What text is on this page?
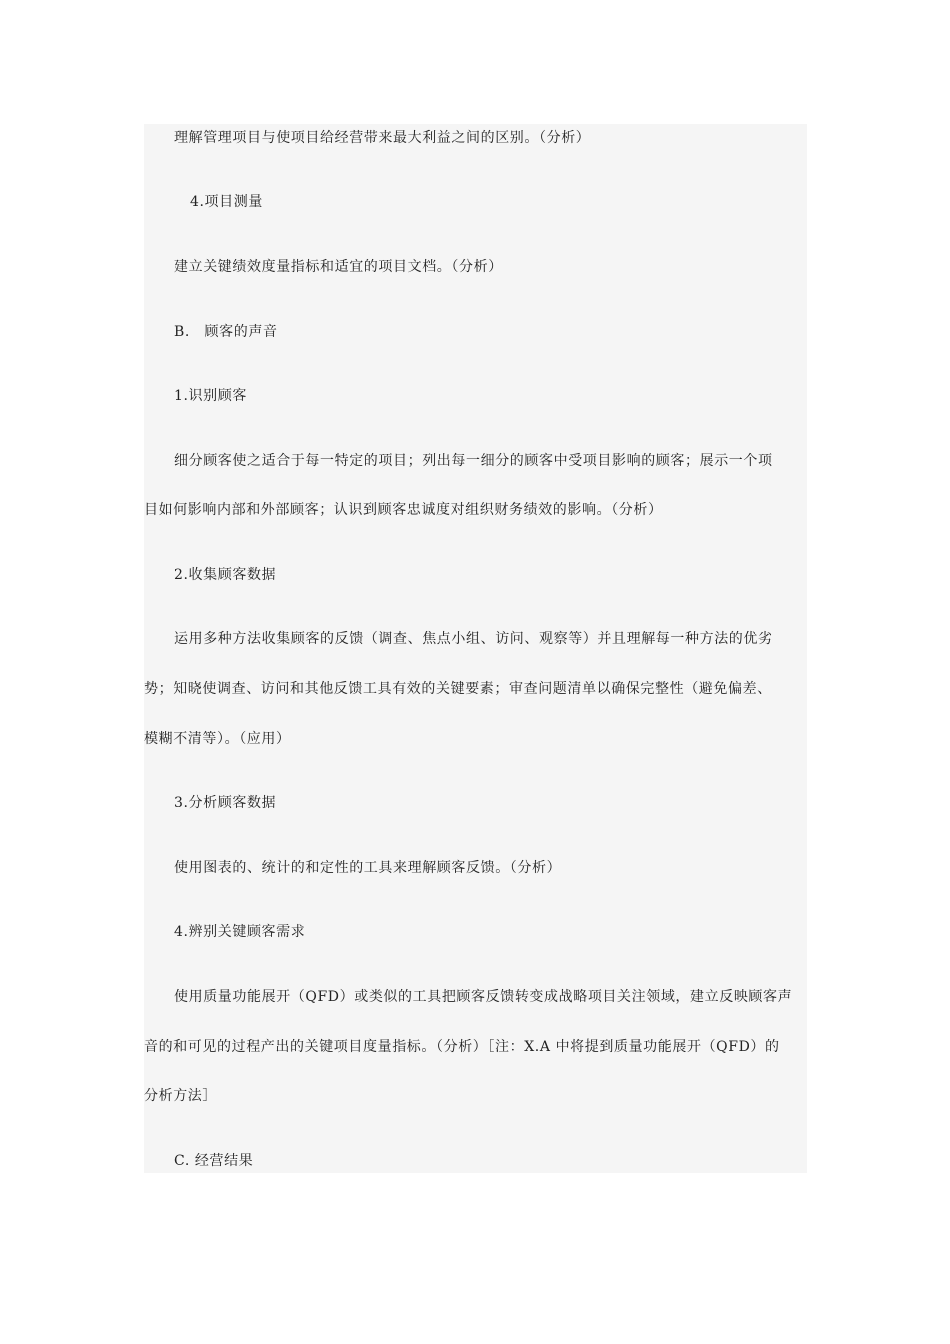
理解管理项目与使项目给经营带来最大利益之间的区别。（分析）
4.项目测量
建立关键绩效度量指标和适宜的项目文档。（分析）
B.　顾客的声音
1.识别顾客
细分顾客使之适合于每一特定的项目；列出每一细分的顾客中受项目影响的顾客；展示一个项
目如何影响内部和外部顾客；认识到顾客忠诚度对组织财务绩效的影响。（分析）
2.收集顾客数据
运用多种方法收集顾客的反馈（调查、焦点小组、访问、观察等）并且理解每一种方法的优劣
势；知晓使调查、访问和其他反馈工具有效的关键要素；审查问题清单以确保完整性（避免偏差、
模糊不清等）。（应用）
3.分析顾客数据
使用图表的、统计的和定性的工具来理解顾客反馈。（分析）
4.辨别关键顾客需求
使用质量功能展开（QFD）或类似的工具把顾客反馈转变成战略项目关注领域，建立反映顾客声
音的和可见的过程产出的关键项目度量指标。（分析）［注：X.A 中将提到质量功能展开（QFD）的
分析方法］
C. 经营结果
